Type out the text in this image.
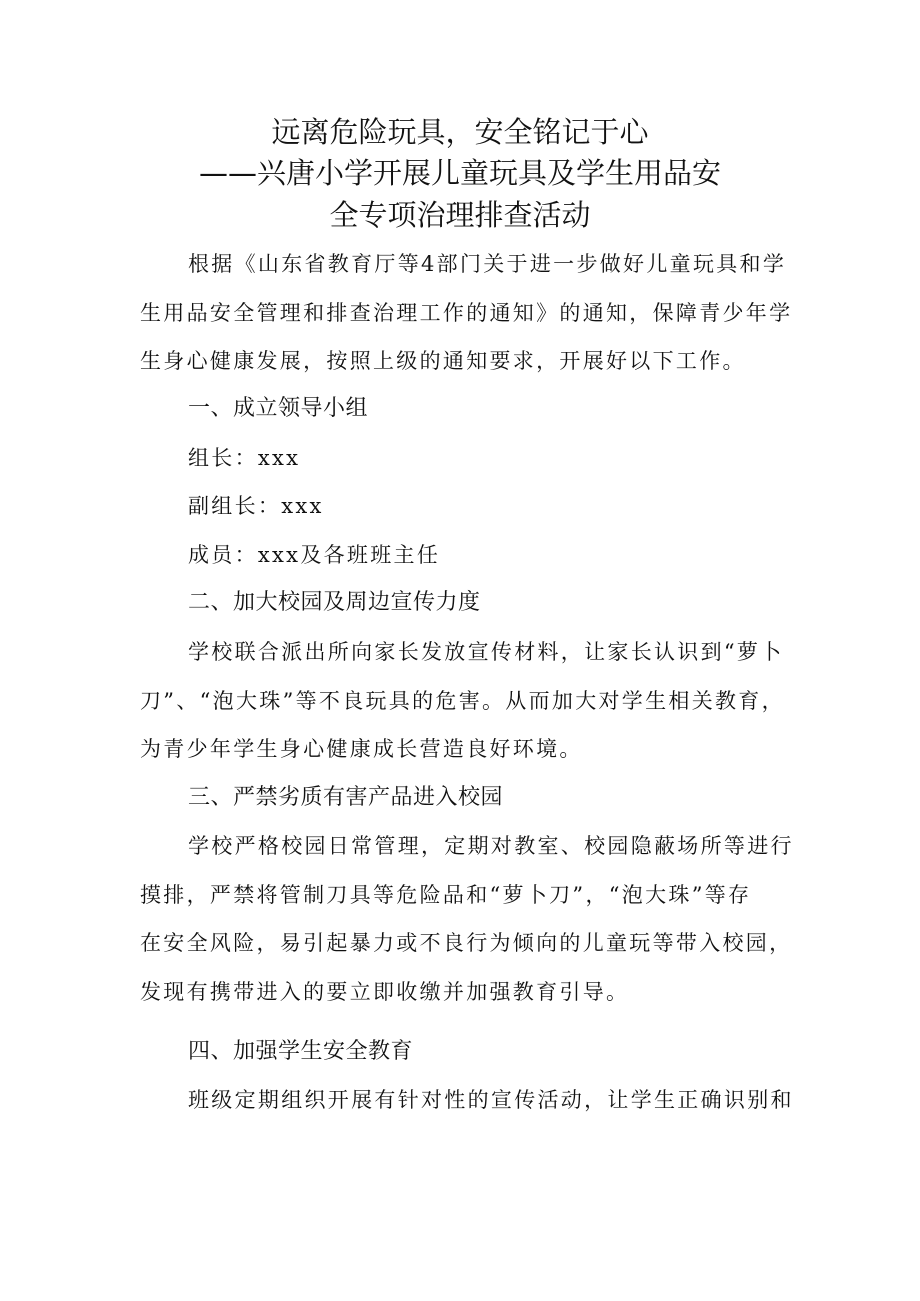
远离危险玩具，安全铭记于心
——兴唐小学开展儿童玩具及学生用品安
全专项治理排查活动
根据《山东省教育厅等4部门关于进一步做好儿童玩具和学
生用品安全管理和排查治理工作的通知》的通知，保障青少年学
生身心健康发展，按照上级的通知要求，开展好以下工作。
一、成立领导小组
组长：xxx
副组长：xxx
成员：xxx及各班班主任
二、加大校园及周边宣传力度
学校联合派出所向家长发放宣传材料，让家长认识到“萝卜
刀”、“泡大珠”等不良玩具的危害。从而加大对学生相关教育，
为青少年学生身心健康成长营造良好环境。
三、严禁劣质有害产品进入校园
学校严格校园日常管理，定期对教室、校园隐蔽场所等进行
摸排，严禁将管制刀具等危险品和“萝卜刀”，“泡大珠”等存
在安全风险，易引起暴力或不良行为倾向的儿童玩等带入校园，
发现有携带进入的要立即收缴并加强教育引导。
四、加强学生安全教育
班级定期组织开展有针对性的宣传活动，让学生正确识别和
